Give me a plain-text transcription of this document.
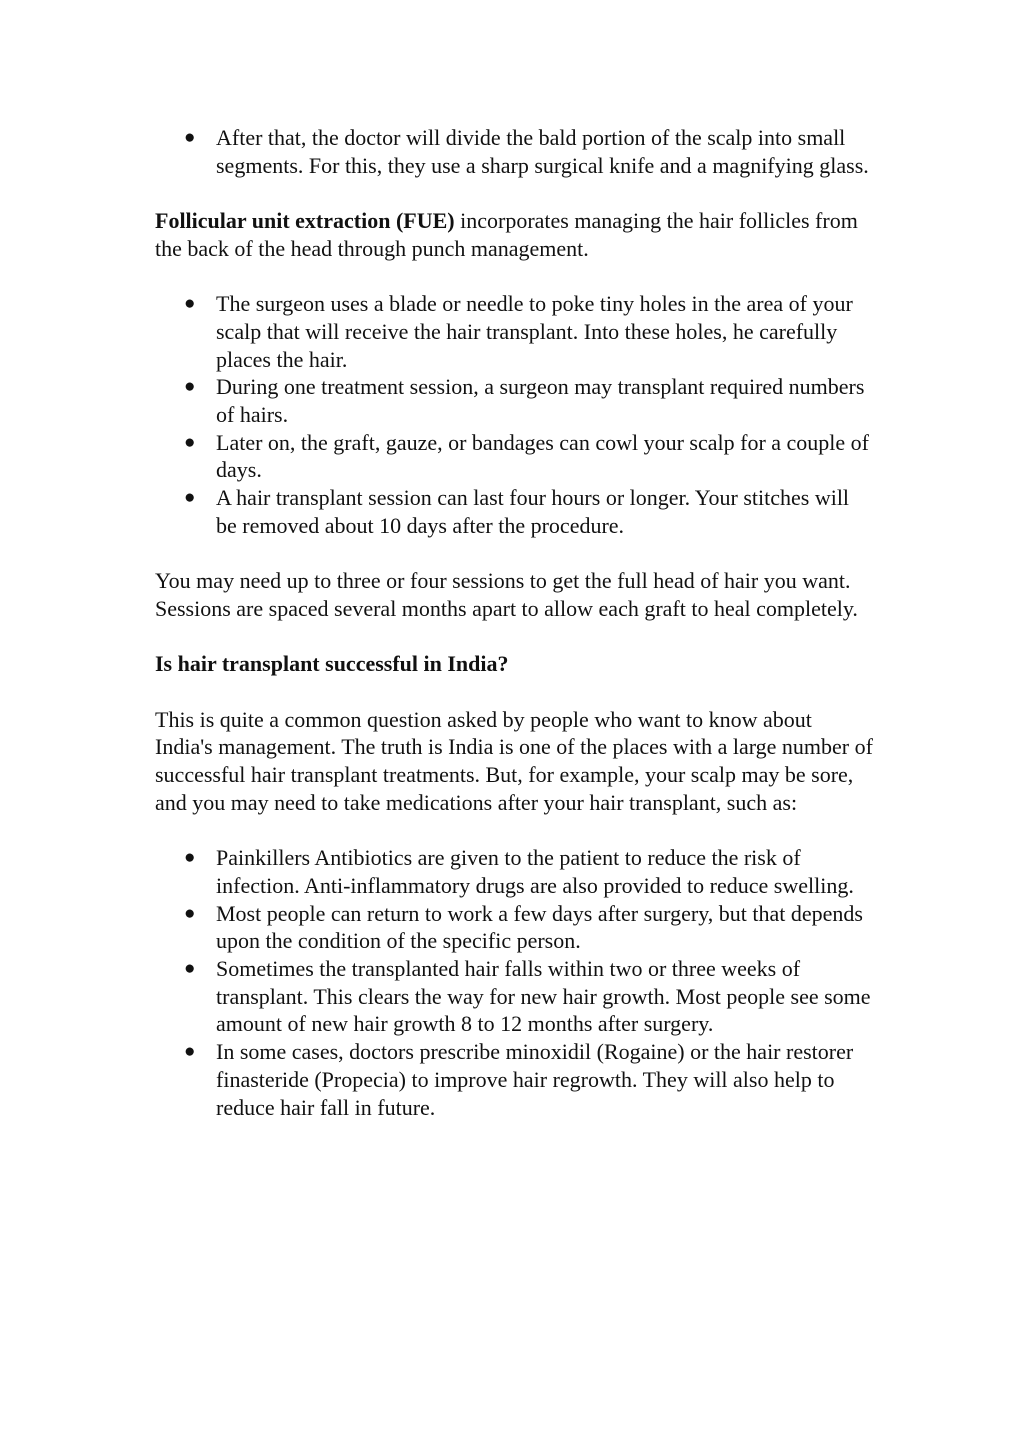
● After that, the doctor will divide the bald portion of the scalp into small segments. For this, they use a sharp surgical knife and a magnifying glass.

Follicular unit extraction (FUE) incorporates managing the hair follicles from the back of the head through punch management.

● The surgeon uses a blade or needle to poke tiny holes in the area of your scalp that will receive the hair transplant. Into these holes, he carefully places the hair.
● During one treatment session, a surgeon may transplant required numbers of hairs.
● Later on, the graft, gauze, or bandages can cowl your scalp for a couple of days.
● A hair transplant session can last four hours or longer. Your stitches will be removed about 10 days after the procedure.

You may need up to three or four sessions to get the full head of hair you want. Sessions are spaced several months apart to allow each graft to heal completely.

Is hair transplant successful in India?

This is quite a common question asked by people who want to know about India's management. The truth is India is one of the places with a large number of successful hair transplant treatments. But, for example, your scalp may be sore, and you may need to take medications after your hair transplant, such as:

● Painkillers Antibiotics are given to the patient to reduce the risk of infection. Anti-inflammatory drugs are also provided to reduce swelling.
● Most people can return to work a few days after surgery, but that depends upon the condition of the specific person.
● Sometimes the transplanted hair falls within two or three weeks of transplant. This clears the way for new hair growth. Most people see some amount of new hair growth 8 to 12 months after surgery.
● In some cases, doctors prescribe minoxidil (Rogaine) or the hair restorer finasteride (Propecia) to improve hair regrowth. They will also help to reduce hair fall in future.
